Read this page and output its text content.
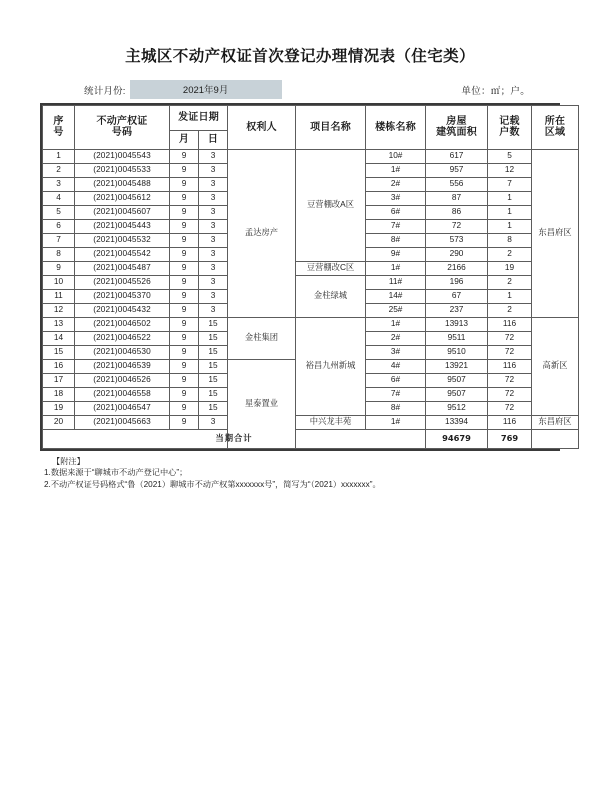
主城区不动产权证首次登记办理情况表（住宅类）
统计月份:	2021年9月	单位：㎡；户。
序
号	不动产权证
号码	发证日期		权利人	项目名称	楼栋名称	房屋
建筑面积	记载
户数	所在
区域
		月	日						
1	(2021)0045543	9	3	孟达房产	豆营棚改A区	10#	617	5	东昌府区
2	(2021)0045533	9	3			1#	957	12	
3	(2021)0045488	9	3			2#	556	7	
4	(2021)0045612	9	3			3#	87	1	
5	(2021)0045607	9	3			6#	86	1	
6	(2021)0045443	9	3			7#	72	1	
7	(2021)0045532	9	3			8#	573	8	
8	(2021)0045542	9	3			9#	290	2	
9	(2021)0045487	9	3		豆营棚改C区	1#	2166	19	
10	(2021)0045526	9	3		金柱绿城	11#	196	2	
11	(2021)0045370	9	3			14#	67	1	
12	(2021)0045432	9	3			25#	237	2	
13	(2021)0046502	9	15	金柱集团	裕昌九州新城	1#	13913	116	高新区
14	(2021)0046522	9	15			2#	9511	72	
15	(2021)0046530	9	15			3#	9510	72	
16	(2021)0046539	9	15	星泰置业		4#	13921	116	
17	(2021)0046526	9	15			6#	9507	72	
18	(2021)0046558	9	15			7#	9507	72	
19	(2021)0046547	9	15			8#	9512	72	
20	(2021)0045663	9	3		中兴龙丰苑	1#	13394	116	东昌府区
当期合计							94679	769	
【附注】
1.数据来源于“聊城市不动产登记中心”；
2.不动产权证号码格式“鲁（2021）聊城市不动产权第xxxxxxx号”，简写为“（2021）xxxxxxx”。
